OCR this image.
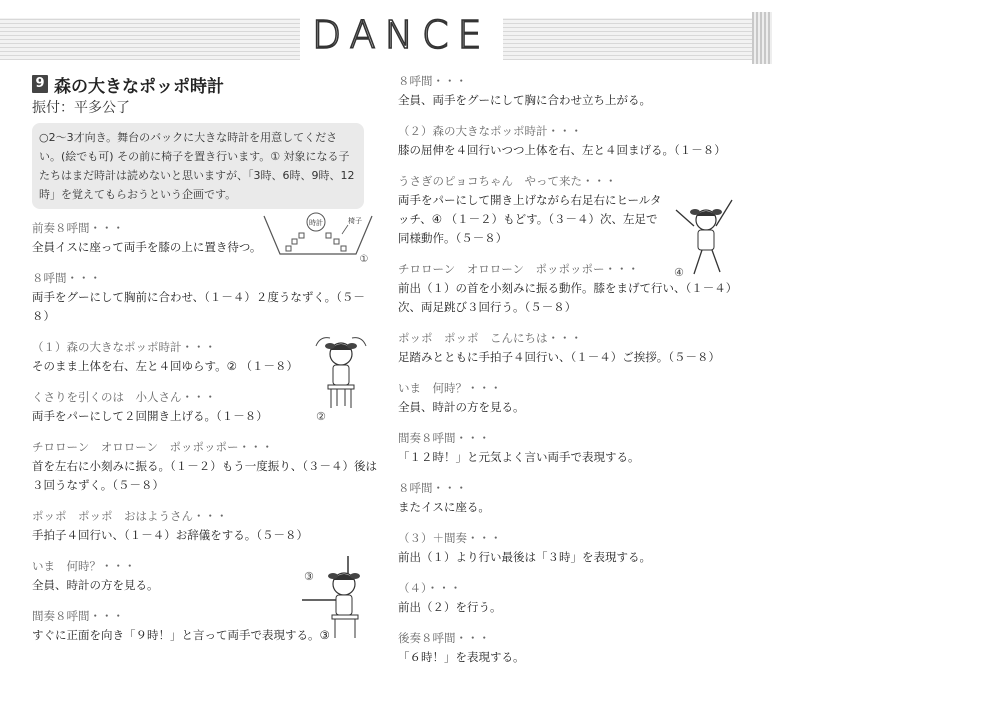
DANCE
9 森の大きなポッポ時計
振付：平多公了
○2～3才向き。舞台のバックに大きな時計を用意してください。(絵でも可) その前に椅子を置き行います。① 対象になる子たちはまだ時計は読めないと思いますが、「3時、6時、9時、12時」を覚えてもらおうという企画です。
前奏８呼間・・・
全員イスに座って両手を膝の上に置き待つ。
８呼間・・・
両手をグーにして胸前に合わせ、（１－４）２度うなずく。（５－８）
（１）森の大きなポッポ時計・・・
そのまま上体を右、左と４回ゆらす。② （１－８）
くさりを引くのは　小人さん・・・
両手をパーにして２回開き上げる。（１－８）
チロローン　オロローン　ポッポッポー・・・
首を左右に小刻みに振る。（１－２）もう一度振り、（３－４）後は３回うなずく。（５－８）
ポッポ　ポッポ　おはようさん・・・
手拍子４回行い、（１－４）お辞儀をする。（５－８）
いま　何時？・・・
全員、時計の方を見る。
間奏８呼間・・・
すぐに正面を向き「９時！」と言って両手で表現する。③
時計	椅子
①
②
③
④
８呼間・・・
全員、両手をグーにして胸に合わせ立ち上がる。
（２）森の大きなポッポ時計・・・
膝の屈伸を４回行いつつ上体を右、左と４回まげる。（１－８）
うさぎのピョコちゃん　やって来た・・・
両手をパーにして開き上げながら右足右にヒールタッチ、④ （１－２）もどす。（３－４）次、左足で同様動作。（５－８）
チロローン　オロローン　ポッポッポー・・・
前出（１）の首を小刻みに振る動作。膝をまげて行い、（１－４）次、両足跳び３回行う。（５－８）
ポッポ　ポッポ　こんにちは・・・
足踏みとともに手拍子４回行い、（１－４）ご挨拶。（５－８）
いま　何時？・・・
全員、時計の方を見る。
間奏８呼間・・・
「１２時！」と元気よく言い両手で表現する。
８呼間・・・
またイスに座る。
（３）＋間奏・・・
前出（１）より行い最後は「３時」を表現する。
（４）・・・
前出（２）を行う。
後奏８呼間・・・
「６時！」を表現する。
